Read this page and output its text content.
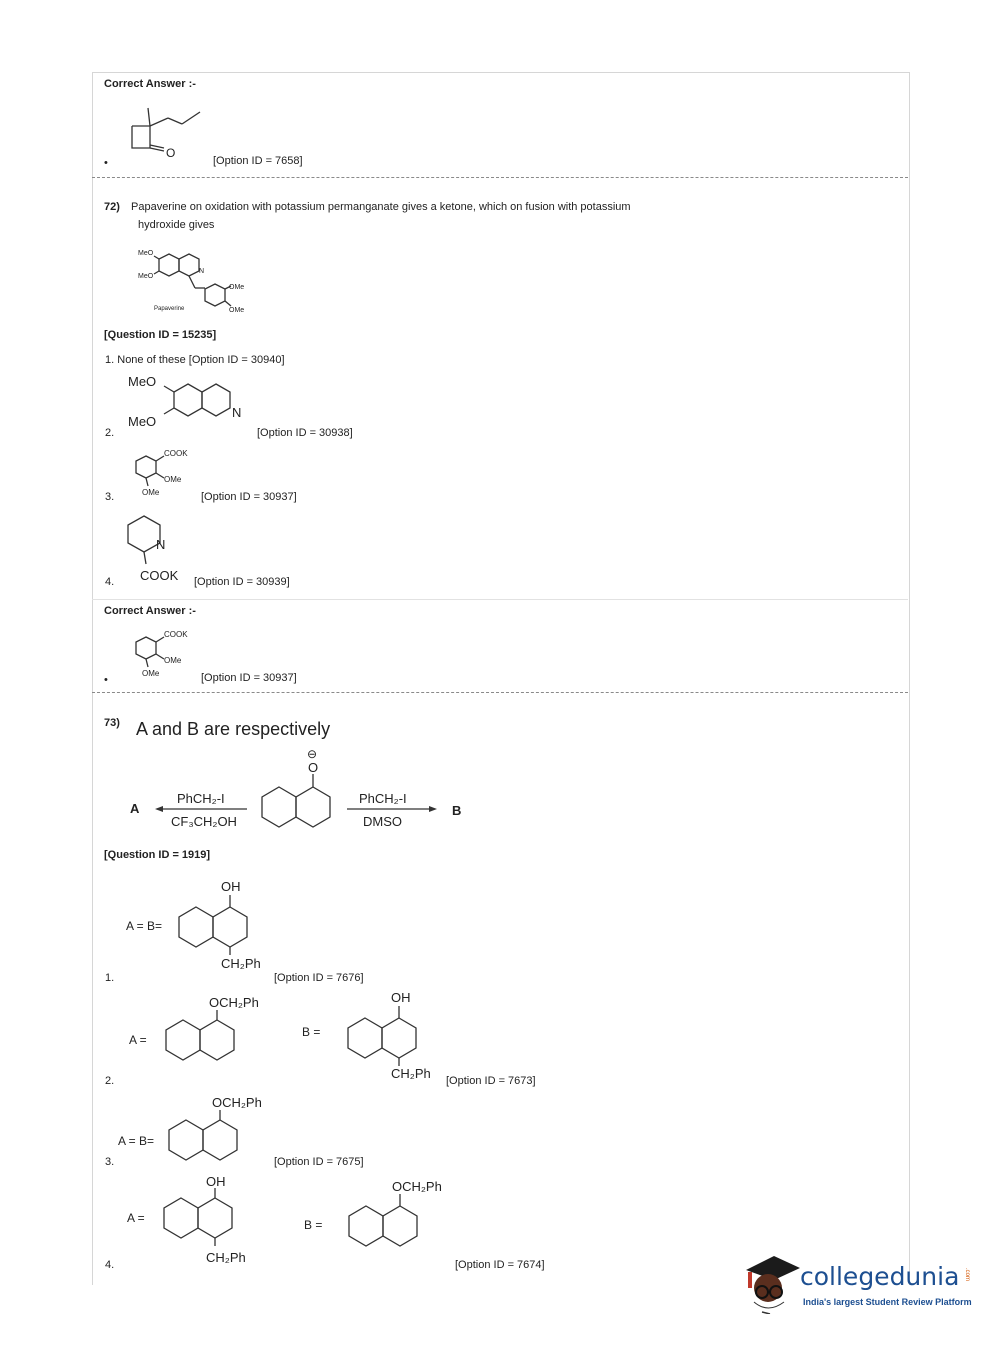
Correct Answer :-
O
•	[Option ID = 7658]
72) Papaverine on oxidation with potassium permanganate gives a ketone, which on fusion with potassium
hydroxide gives
MeO
MeO
N
OMe
OMe
Papaverine
[Question ID = 15235]
1. None of these [Option ID = 30940]
MeO
MeO
N
2.	[Option ID = 30938]
COOK
OMe
OMe
3.	[Option ID = 30937]
N
COOK
4.	[Option ID = 30939]
Correct Answer :-
COOK
OMe
OMe
•	[Option ID = 30937]
73) A and B are respectively
A
PhCH₂-I
CF₃CH₂OH
O
⊖
PhCH₂-I
DMSO
B
[Question ID = 1919]
A = B=
OH
CH₂Ph
1.	[Option ID = 7676]
A =
OCH₂Ph
B =
OH
CH₂Ph
2.	[Option ID = 7673]
A = B=
OCH₂Ph
3.	[Option ID = 7675]
A =
OH
CH₂Ph
B =
OCH₂Ph
4.	[Option ID = 7674]	collegedunia .com
India's largest Student Review Platform
